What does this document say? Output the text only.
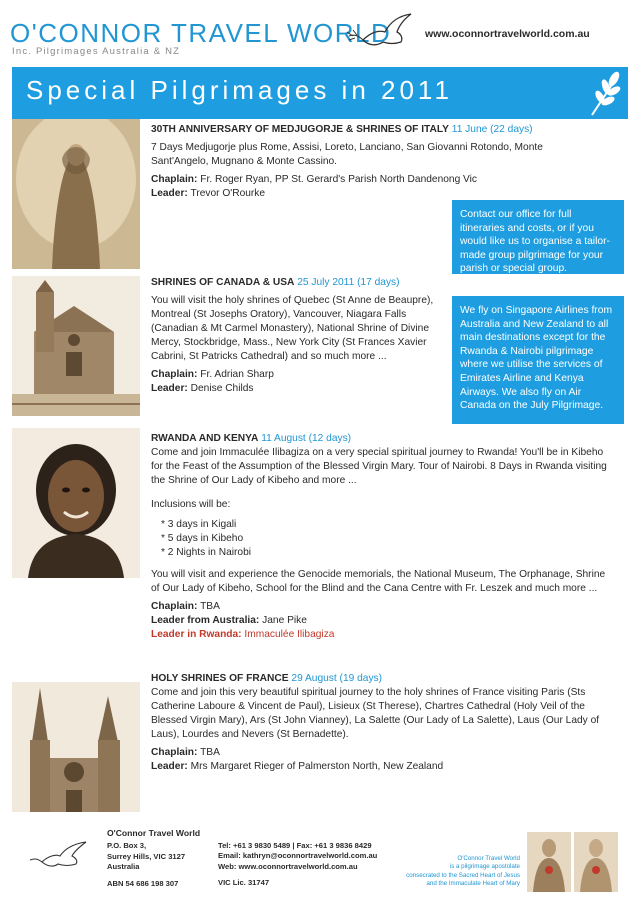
O'CONNOR TRAVEL WORLD
Inc. Pilgrimages Australia & NZ
www.oconnortravelworld.com.au
Special Pilgrimages in 2011

30TH ANNIVERSARY OF MEDJUGORJE & SHRINES OF ITALY 11 June (22 days)

7 Days Medjugorje plus Rome, Assisi, Loreto, Lanciano, San Giovanni Rotondo, Monte Sant'Angelo, Mugnano & Monte Cassino.

Chaplain: Fr. Roger Ryan, PP St. Gerard's Parish North Dandenong Vic
Leader: Trevor O'Rourke
Contact our office for full itineraries and costs, or if you would like us to organise a tailor-made group pilgrimage for your parish or special group.

SHRINES OF CANADA & USA 25 July 2011 (17 days)

You will visit the holy shrines of Quebec (St Anne de Beaupre), Montreal (St Josephs Oratory), Vancouver, Niagara Falls (Canadian & Mt Carmel Monastery), National Shrine of Divine Mercy, Stockbridge, Mass., New York City (St Frances Xavier Cabrini, St Patricks Cathedral) and so much more ...

Chaplain: Fr. Adrian Sharp
Leader: Denise Childs
We fly on Singapore Airlines from Australia and New Zealand to all main destinations except for the Rwanda & Nairobi pilgrimage where we utilise the services of Emirates Airline and Kenya Airways. We also fly on Air Canada on the July Pilgrimage.
RWANDA AND KENYA 11 August (12 days)

Come and join Immaculée Ilibagiza on a very special spiritual journey to Rwanda! You'll be in Kibeho for the Feast of the Assumption of the Blessed Virgin Mary. Tour of Nairobi. 8 Days in Rwanda visiting the Shrine of Our Lady of Kibeho and more ...

Inclusions will be:

* 3 days in Kigali
* 5 days in Kibeho
* 2 Nights in Nairobi

You will visit and experience the Genocide memorials, the National Museum, The Orphanage, Shrine of Our Lady of Kibeho, School for the Blind and the Cana Centre with Fr. Leszek and much more ...

Chaplain: TBA
Leader from Australia: Jane Pike
Leader in Rwanda: Immaculée Ilibagiza
HOLY SHRINES OF FRANCE 29 August (19 days)

Come and join this very beautiful spiritual journey to the holy shrines of France visiting Paris (Sts Catherine Laboure & Vincent de Paul), Lisieux (St Therese), Chartres Cathedral (Holy Veil of the Blessed Virgin Mary), Ars (St John Vianney), La Salette (Our Lady of La Salette), Laus (Our Lady of Laus), Lourdes and Nevers (St Bernadette).

Chaplain: TBA
Leader: Mrs Margaret Rieger of Palmerston North, New Zealand
O'Connor Travel World
P.O. Box 3,
Surrey Hills, VIC 3127
Australia
ABN 54 686 198 307
Tel: +61 3 9830 5489 | Fax: +61 3 9836 8429
Email: kathryn@oconnortravelworld.com.au
Web: www.oconnortravelworld.com.au
VIC Lic. 31747
O'Connor Travel World
is a pilgrimage apostolate
consecrated to the Sacred Heart of Jesus
and the Immaculate Heart of Mary
